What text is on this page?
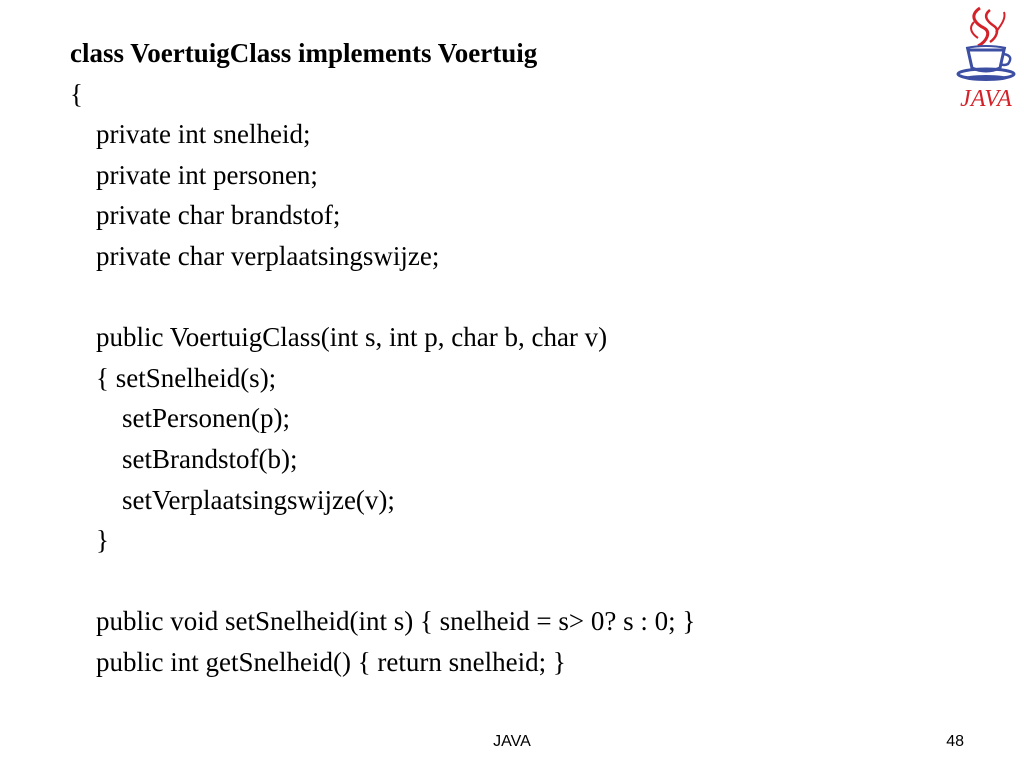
class VoertuigClass implements Voertuig
{
private int snelheid;
private int personen;
private char brandstof;
private char verplaatsingswijze;
public VoertuigClass(int s, int p, char b, char v)
{ setSnelheid(s);
setPersonen(p);
setBrandstof(b);
setVerplaatsingswijze(v);
}
public void setSnelheid(int s) { snelheid = s> 0? s : 0; }
public int getSnelheid() { return snelheid; }
JAVA
JAVA	48
